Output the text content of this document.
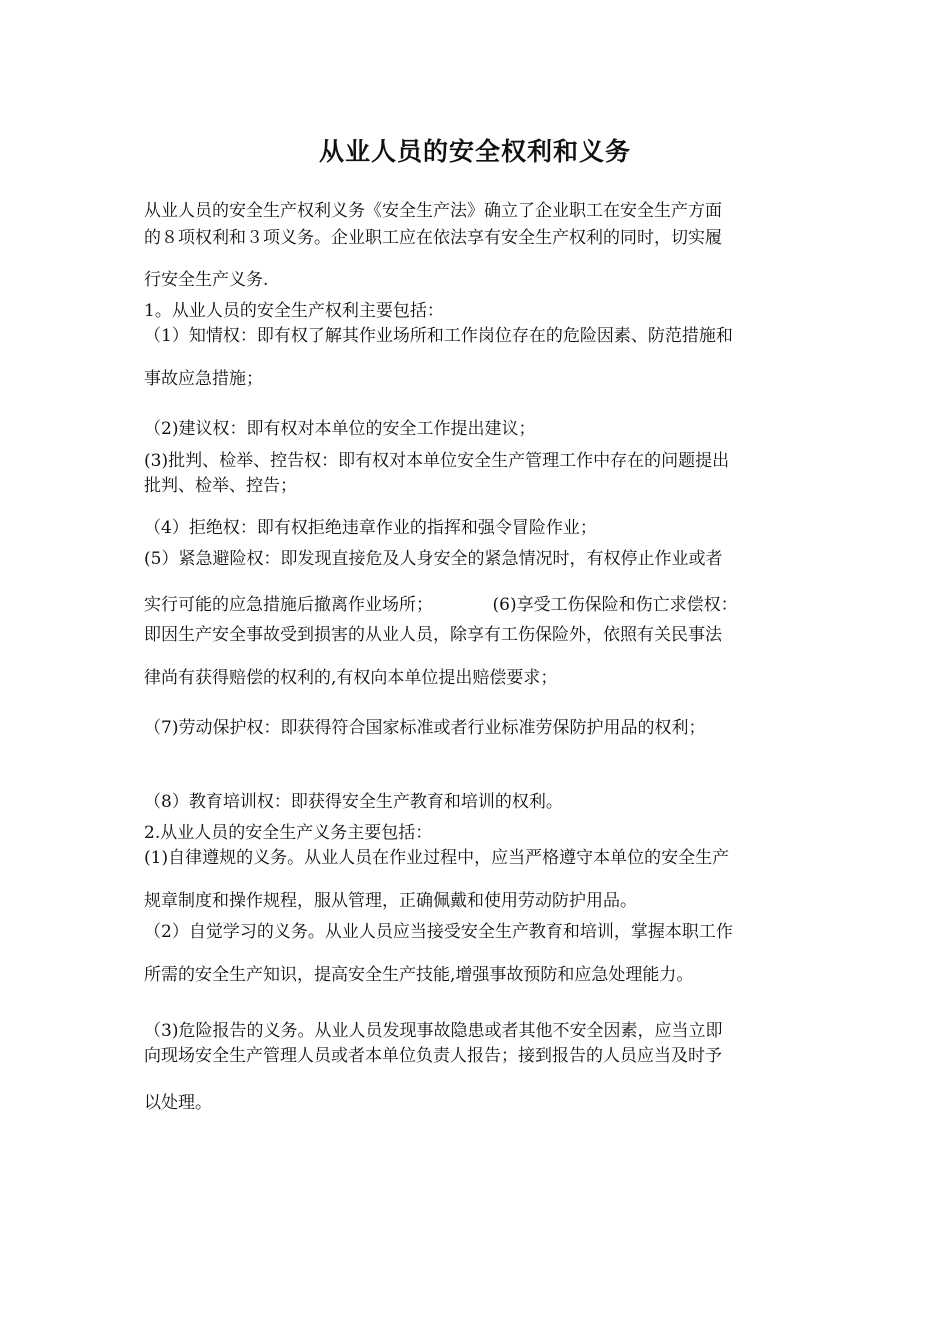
从业人员的安全权利和义务
从业人员的安全生产权利义务《安全生产法》确立了企业职工在安全生产方面
的８项权利和３项义务。企业职工应在依法享有安全生产权利的同时，切实履
行安全生产义务.
1。从业人员的安全生产权利主要包括：
（1）知情权：即有权了解其作业场所和工作岗位存在的危险因素、防范措施和
事故应急措施；
（2)建议权：即有权对本单位的安全工作提出建议；
(3)批判、检举、控告权：即有权对本单位安全生产管理工作中存在的问题提出
批判、检举、控告；
（4）拒绝权：即有权拒绝违章作业的指挥和强令冒险作业；
(5）紧急避险权：即发现直接危及人身安全的紧急情况时，有权停止作业或者
实行可能的应急措施后撤离作业场所；　　　　(6)享受工伤保险和伤亡求偿权：
即因生产安全事故受到损害的从业人员，除享有工伤保险外，依照有关民事法
律尚有获得赔偿的权利的,有权向本单位提出赔偿要求；
（7)劳动保护权：即获得符合国家标准或者行业标准劳保防护用品的权利；
（8）教育培训权：即获得安全生产教育和培训的权利。
2.从业人员的安全生产义务主要包括：
(1)自律遵规的义务。从业人员在作业过程中，应当严格遵守本单位的安全生产
规章制度和操作规程，服从管理，正确佩戴和使用劳动防护用品。
（2）自觉学习的义务。从业人员应当接受安全生产教育和培训，掌握本职工作
所需的安全生产知识，提高安全生产技能,增强事故预防和应急处理能力。
（3)危险报告的义务。从业人员发现事故隐患或者其他不安全因素，应当立即
向现场安全生产管理人员或者本单位负责人报告；接到报告的人员应当及时予
以处理。
